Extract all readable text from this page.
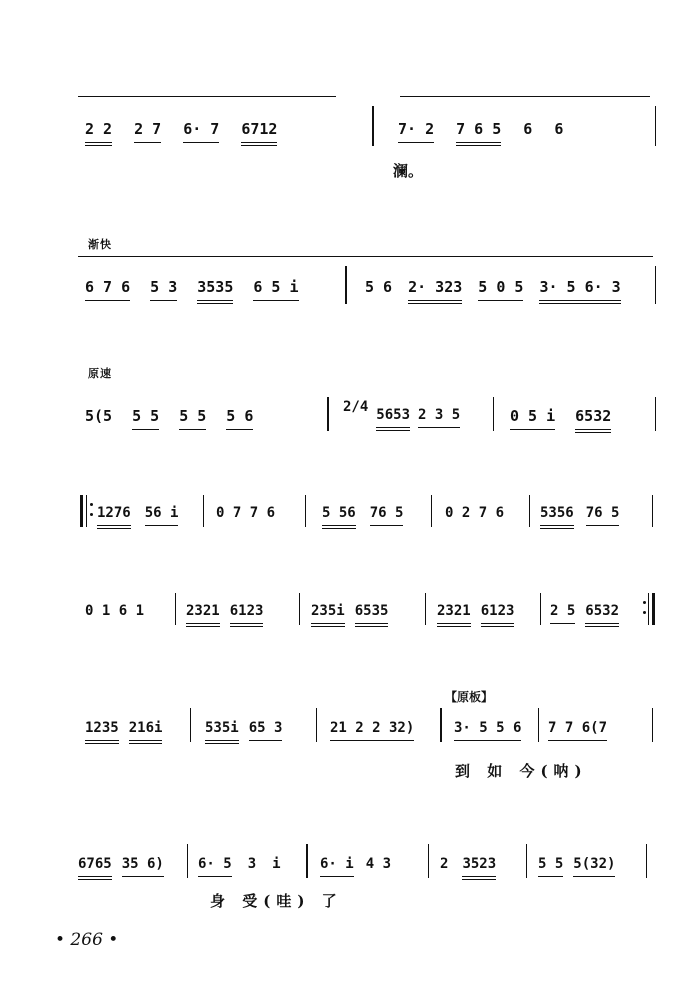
2 2 2 7 6· 7 6712	7· 2 7 6 5 6 6
澜。
渐快
6 7 6 5 3 3535 6 5 i	5 6 2· 323 5 0 5 3· 5 6· 3
原速
5(5 5 5 5 5 5 6	2/4 5653 2 3 5	0 5 i 6532
1276 56 i	0 7 7 6	5 56 76 5	0 2 7 6	5356 76 5
0 1 6 1	2321 6123	235i 6535	2321 6123	2 5 6532
【原板】
1235 216i	535i 65 3	21 2 2 32)	3· 5 5 6 7 7 6(7
到 如 今(呐)
6765 35 6) 6· 5 3 i	6· i 4 3	2 3523	5 5 5(32)
身 受(哇) 了
• 266 •
